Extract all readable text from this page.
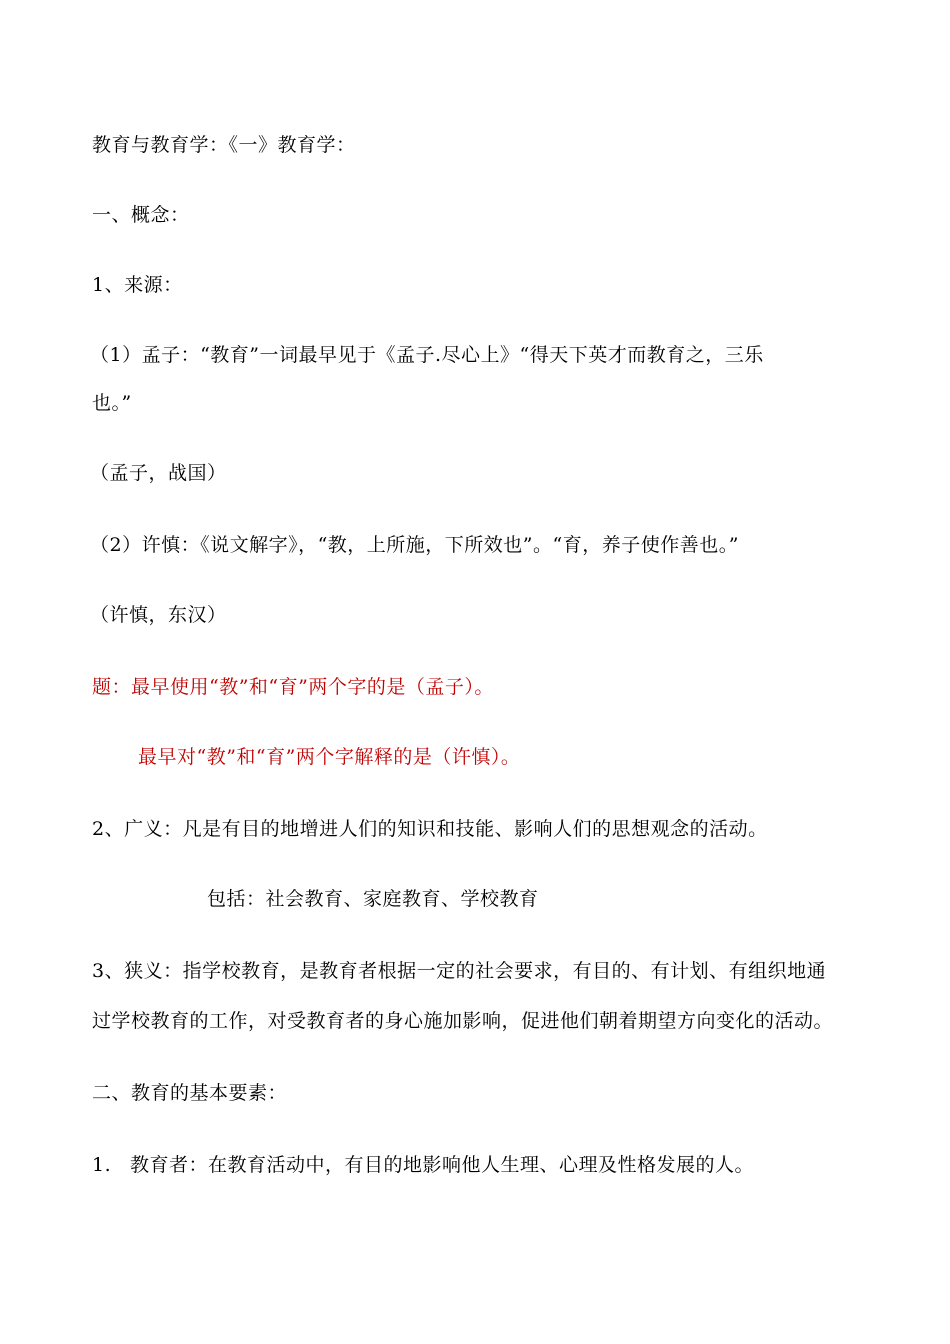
教育与教育学：《一》教育学：
一、概念：
1、来源：
（1）孟子：“教育”一词最早见于《孟子.尽心上》“得天下英才而教育之，三乐
也。”
（孟子，战国）
（2）许慎：《说文解字》，“教，上所施，下所效也”。“育，养子使作善也。”
（许慎，东汉）
题：最早使用“教”和“育”两个字的是（孟子）。
最早对“教”和“育”两个字解释的是（许慎）。
2、广义：凡是有目的地增进人们的知识和技能、影响人们的思想观念的活动。
包括：社会教育、家庭教育、学校教育
3、狭义：指学校教育，是教育者根据一定的社会要求，有目的、有计划、有组织地通
过学校教育的工作，对受教育者的身心施加影响，促进他们朝着期望方向变化的活动。
二、教育的基本要素：
1. 教育者：在教育活动中，有目的地影响他人生理、心理及性格发展的人。
